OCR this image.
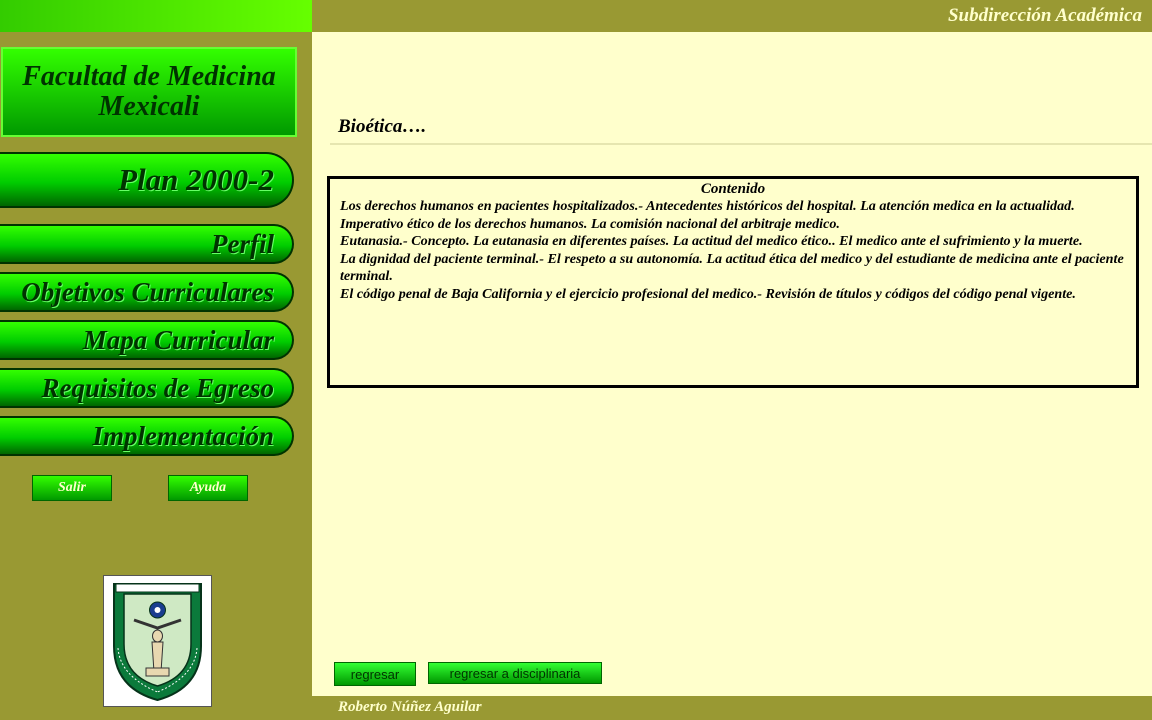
Subdirección Académica
Roberto Núñez Aguilar
Facultad de Medicina
Mexicali
Plan 2000-2
Perfil
Objetivos Curriculares
Mapa Curricular
Requisitos de Egreso
Implementación
Salir	Ayuda
Bioética….
Contenido

Los derechos humanos en pacientes hospitalizados.- Antecedentes históricos del hospital. La atención medica en la actualidad. Imperativo ético de los derechos humanos. La comisión nacional del arbitraje medico.

Eutanasia.- Concepto. La eutanasia en diferentes países. La actitud del medico ético.. El medico ante el sufrimiento y la muerte.

La dignidad del paciente terminal.- El respeto a su autonomía. La actitud ética del medico y del estudiante de medicina ante el paciente terminal.

El código penal de Baja California y el ejercicio profesional del medico.- Revisión de títulos y códigos del código penal vigente.

regresar	regresar a disciplinaria
